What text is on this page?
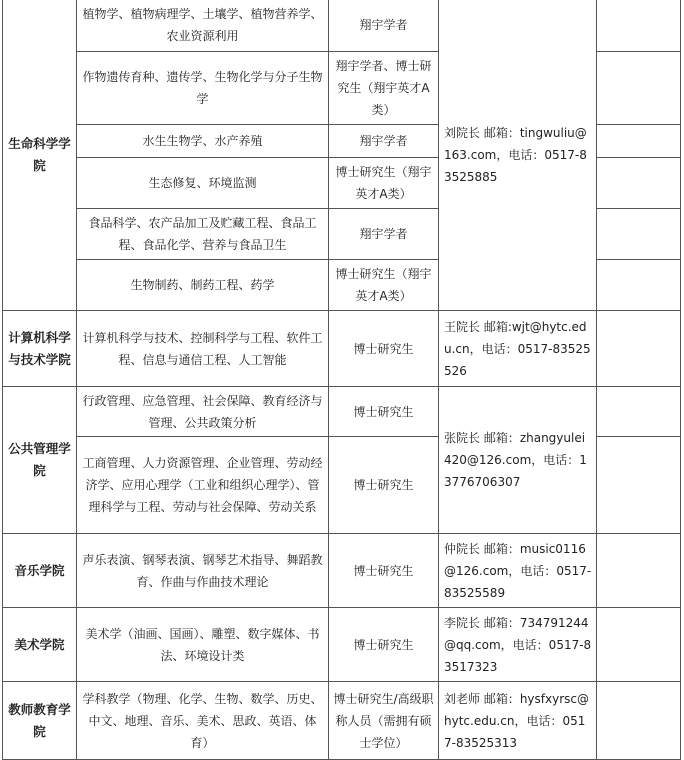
生命科学学院	植物学、植物病理学、土壤学、植物营养学、农业资源利用	翔宇学者	刘院长 邮箱：tingwuliu@163.com，电话：0517-83525885	
	作物遗传育种、遗传学、生物化学与分子生物学	翔宇学者、博士研究生（翔宇英才A类）		
	水生生物学、水产养殖	翔宇学者		
	生态修复、环境监测	博士研究生（翔宇英才A类）		
	食品科学、农产品加工及贮藏工程、食品工程、食品化学、营养与食品卫生	翔宇学者		
	生物制药、制药工程、药学	博士研究生（翔宇英才A类）		
计算机科学与技术学院	计算机科学与技术、控制科学与工程、软件工程、信息与通信工程、人工智能	博士研究生	王院长 邮箱:wjt@hytc.edu.cn，电话：0517-83525526	
公共管理学院	行政管理、应急管理、社会保障、教育经济与管理、公共政策分析	博士研究生	张院长 邮箱：zhangyulei420@126.com，电话：13776706307	
	工商管理、人力资源管理、企业管理、劳动经济学、应用心理学（工业和组织心理学）、管理科学与工程、劳动与社会保障、劳动关系	博士研究生		
音乐学院	声乐表演、钢琴表演、钢琴艺术指导、舞蹈教育、作曲与作曲技术理论	博士研究生	仲院长 邮箱：music0116@126.com，电话：0517-83525589	
美术学院	美术学（油画、国画）、雕塑、数字媒体、书法、环境设计类	博士研究生	李院长 邮箱：734791244@qq.com，电话：0517-83517323	
教师教育学院	学科教学（物理、化学、生物、数学、历史、中文、地理、音乐、美术、思政、英语、体育）	博士研究生/高级职称人员（需拥有硕士学位）	刘老师 邮箱：hysfxyrsc@hytc.edu.cn，电话：0517-83525313	
